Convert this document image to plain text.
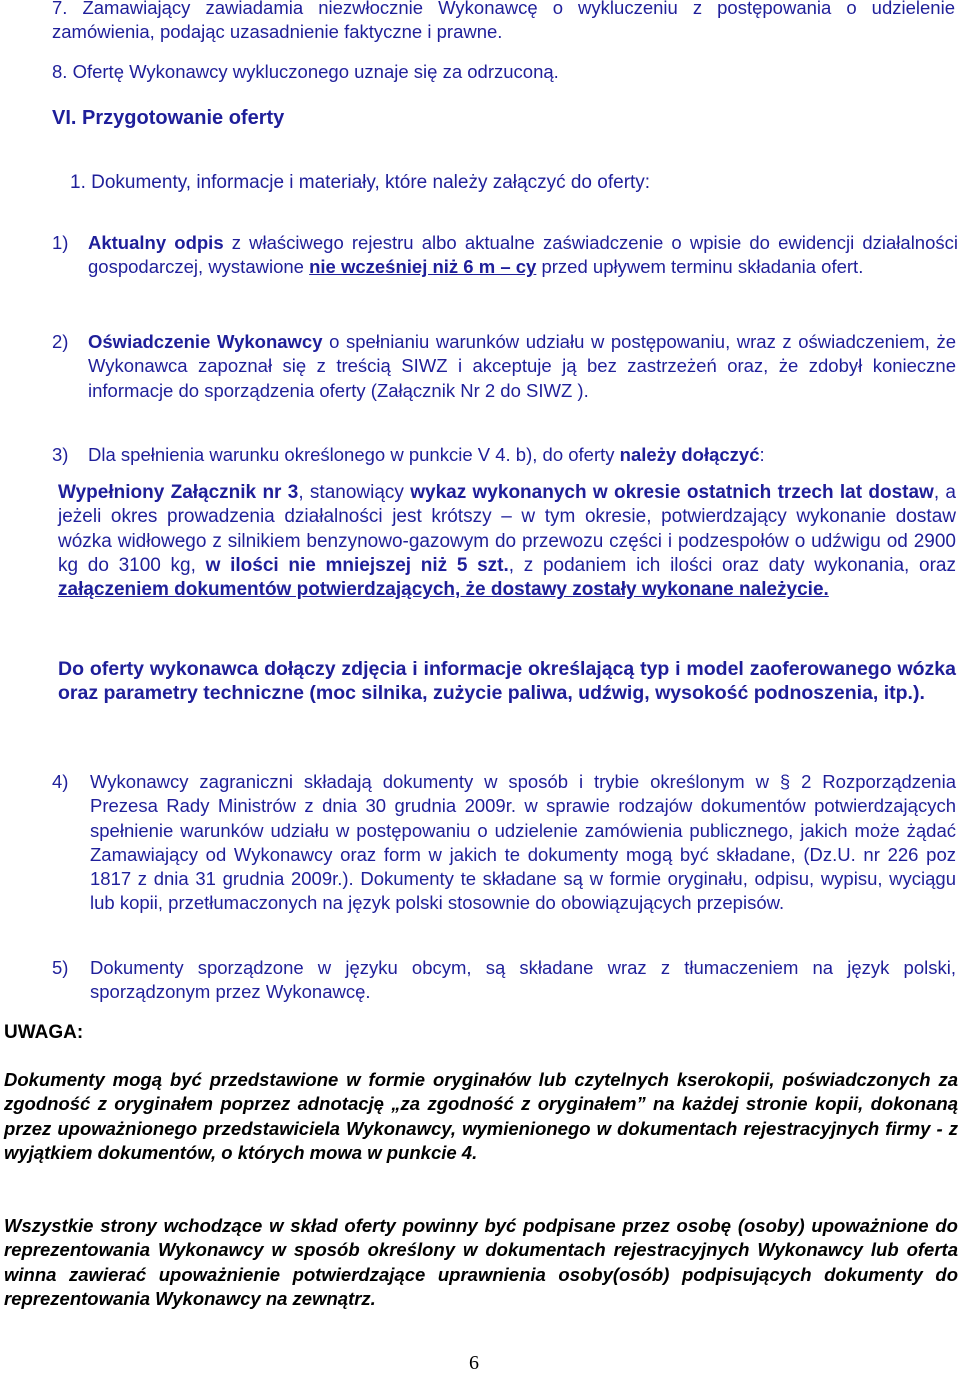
7. Zamawiający zawiadamia niezwłocznie Wykonawcę o wykluczeniu z postępowania o udzielenie zamówienia, podając uzasadnienie faktyczne i prawne.
8. Ofertę Wykonawcy wykluczonego uznaje się za odrzuconą.
VI. Przygotowanie oferty
1. Dokumenty, informacje i materiały, które należy załączyć do oferty:
1) Aktualny odpis z właściwego rejestru albo aktualne zaświadczenie o wpisie do ewidencji działalności gospodarczej, wystawione nie wcześniej niż 6 m – cy przed upływem terminu składania ofert.
2) Oświadczenie Wykonawcy o spełnianiu warunków udziału w postępowaniu, wraz z oświadczeniem, że Wykonawca zapoznał się z treścią SIWZ i akceptuje ją bez zastrzeżeń oraz, że zdobył konieczne informacje do sporządzenia oferty (Załącznik Nr 2 do SIWZ ).
3) Dla spełnienia warunku określonego w punkcie V 4. b), do oferty należy dołączyć:
Wypełniony Załącznik nr 3, stanowiący wykaz wykonanych w okresie ostatnich trzech lat dostaw, a jeżeli okres prowadzenia działalności jest krótszy – w tym okresie, potwierdzający wykonanie dostaw wózka widłowego z silnikiem benzynowo-gazowym do przewozu części i podzespołów o udźwigu od 2900 kg do 3100 kg, w ilości nie mniejszej niż 5 szt., z podaniem ich ilości oraz daty wykonania, oraz załączeniem dokumentów potwierdzających, że dostawy zostały wykonane należycie.
Do oferty wykonawca dołączy zdjęcia i informacje określającą typ i model zaoferowanego wózka oraz parametry techniczne (moc silnika, zużycie paliwa, udźwig, wysokość podnoszenia, itp.).
4) Wykonawcy zagraniczni składają dokumenty w sposób i trybie określonym w § 2 Rozporządzenia Prezesa Rady Ministrów z dnia 30 grudnia 2009r. w sprawie rodzajów dokumentów potwierdzających spełnienie warunków udziału w postępowaniu o udzielenie zamówienia publicznego, jakich może żądać Zamawiający od Wykonawcy oraz form w jakich te dokumenty mogą być składane, (Dz.U. nr 226 poz 1817 z dnia 31 grudnia 2009r.). Dokumenty te składane są w formie oryginału, odpisu, wypisu, wyciągu lub kopii, przetłumaczonych na język polski stosownie do obowiązujących przepisów.
5) Dokumenty sporządzone w języku obcym, są składane wraz z tłumaczeniem na język polski, sporządzonym przez Wykonawcę.
UWAGA:
Dokumenty mogą być przedstawione w formie oryginałów lub czytelnych kserokopii, poświadczonych za zgodność z oryginałem poprzez adnotację „za zgodność z oryginałem” na każdej stronie kopii, dokonaną przez upoważnionego przedstawiciela Wykonawcy, wymienionego w dokumentach rejestracyjnych firmy - z wyjątkiem dokumentów, o których mowa w punkcie 4.
Wszystkie strony wchodzące w skład oferty powinny być podpisane przez osobę (osoby) upoważnione do reprezentowania Wykonawcy w sposób określony w dokumentach rejestracyjnych Wykonawcy lub oferta winna zawierać upoważnienie potwierdzające uprawnienia osoby(osób) podpisujących dokumenty do reprezentowania Wykonawcy na zewnątrz.
6
